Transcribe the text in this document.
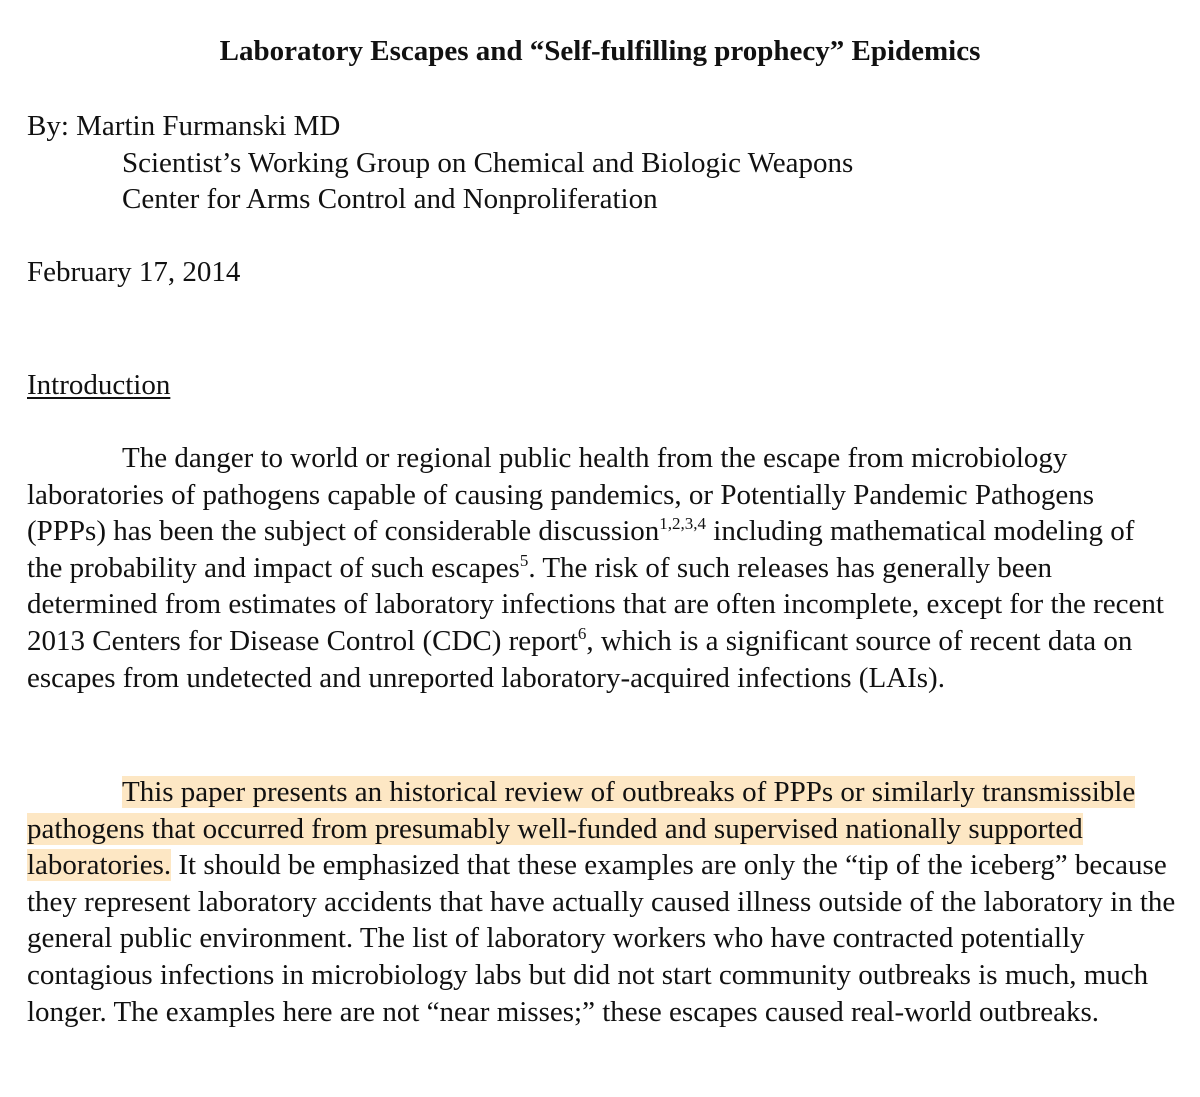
Laboratory Escapes and “Self-fulfilling prophecy” Epidemics
By: Martin Furmanski MD
Scientist’s Working Group on Chemical and Biologic Weapons
Center for Arms Control and Nonproliferation
February 17, 2014
Introduction

The danger to world or regional public health from the escape from microbiology laboratories of pathogens capable of causing pandemics, or Potentially Pandemic Pathogens (PPPs) has been the subject of considerable discussion$^{1,2,3,4}$ including mathematical modeling of the probability and impact of such escapes$^5$. The risk of such releases has generally been determined from estimates of laboratory infections that are often incomplete, except for the recent 2013 Centers for Disease Control (CDC) report$^6$, which is a significant source of recent data on escapes from undetected and unreported laboratory-acquired infections (LAIs).

This paper presents an historical review of outbreaks of PPPs or similarly transmissible pathogens that occurred from presumably well-funded and supervised nationally supported laboratories. It should be emphasized that these examples are only the “tip of the iceberg” because they represent laboratory accidents that have actually caused illness outside of the laboratory in the general public environment. The list of laboratory workers who have contracted potentially contagious infections in microbiology labs but did not start community outbreaks is much, much longer. The examples here are not “near misses;” these escapes caused real-world outbreaks.
